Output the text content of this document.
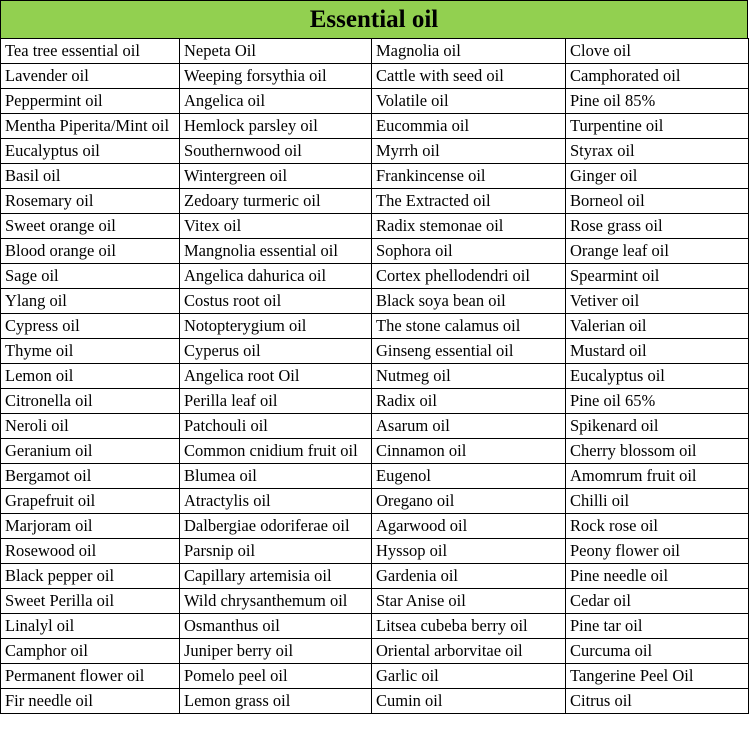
Essential oil
Tea tree essential oil	Nepeta Oil	Magnolia oil	Clove oil
Lavender oil	Weeping forsythia oil	Cattle with seed oil	Camphorated oil
Peppermint oil	Angelica oil	Volatile oil	Pine oil 85%
Mentha Piperita/Mint oil	Hemlock parsley oil	Eucommia oil	Turpentine oil
Eucalyptus oil	Southernwood oil	Myrrh oil	Styrax oil
Basil oil	Wintergreen oil	Frankincense oil	Ginger oil
Rosemary oil	Zedoary turmeric oil	The Extracted oil	Borneol oil
Sweet orange oil	Vitex oil	Radix stemonae oil	Rose grass oil
Blood orange oil	Mangnolia essential oil	Sophora oil	Orange leaf oil
Sage oil	Angelica dahurica oil	Cortex phellodendri oil	Spearmint oil
Ylang oil	Costus root oil	Black soya bean oil	Vetiver oil
Cypress oil	Notopterygium oil	The stone calamus oil	Valerian oil
Thyme oil	Cyperus oil	Ginseng essential oil	Mustard oil
Lemon oil	Angelica root Oil	Nutmeg oil	Eucalyptus oil
Citronella oil	Perilla leaf oil	Radix oil	Pine oil 65%
Neroli oil	Patchouli oil	Asarum oil	Spikenard oil
Geranium oil	Common cnidium fruit oil	Cinnamon oil	Cherry blossom oil
Bergamot oil	Blumea oil	Eugenol	Amomrum fruit oil
Grapefruit oil	Atractylis oil	Oregano oil	Chilli oil
Marjoram oil	Dalbergiae odoriferae oil	Agarwood oil	Rock rose oil
Rosewood oil	Parsnip oil	Hyssop oil	Peony flower oil
Black pepper oil	Capillary artemisia oil	Gardenia oil	Pine needle oil
Sweet Perilla oil	Wild chrysanthemum oil	Star Anise oil	Cedar oil
Linalyl oil	Osmanthus oil	Litsea cubeba berry oil	Pine tar oil
Camphor oil	Juniper berry oil	Oriental arborvitae oil	Curcuma oil
Permanent flower oil	Pomelo peel oil	Garlic oil	Tangerine Peel Oil
Fir needle oil	Lemon grass oil	Cumin oil	Citrus oil
